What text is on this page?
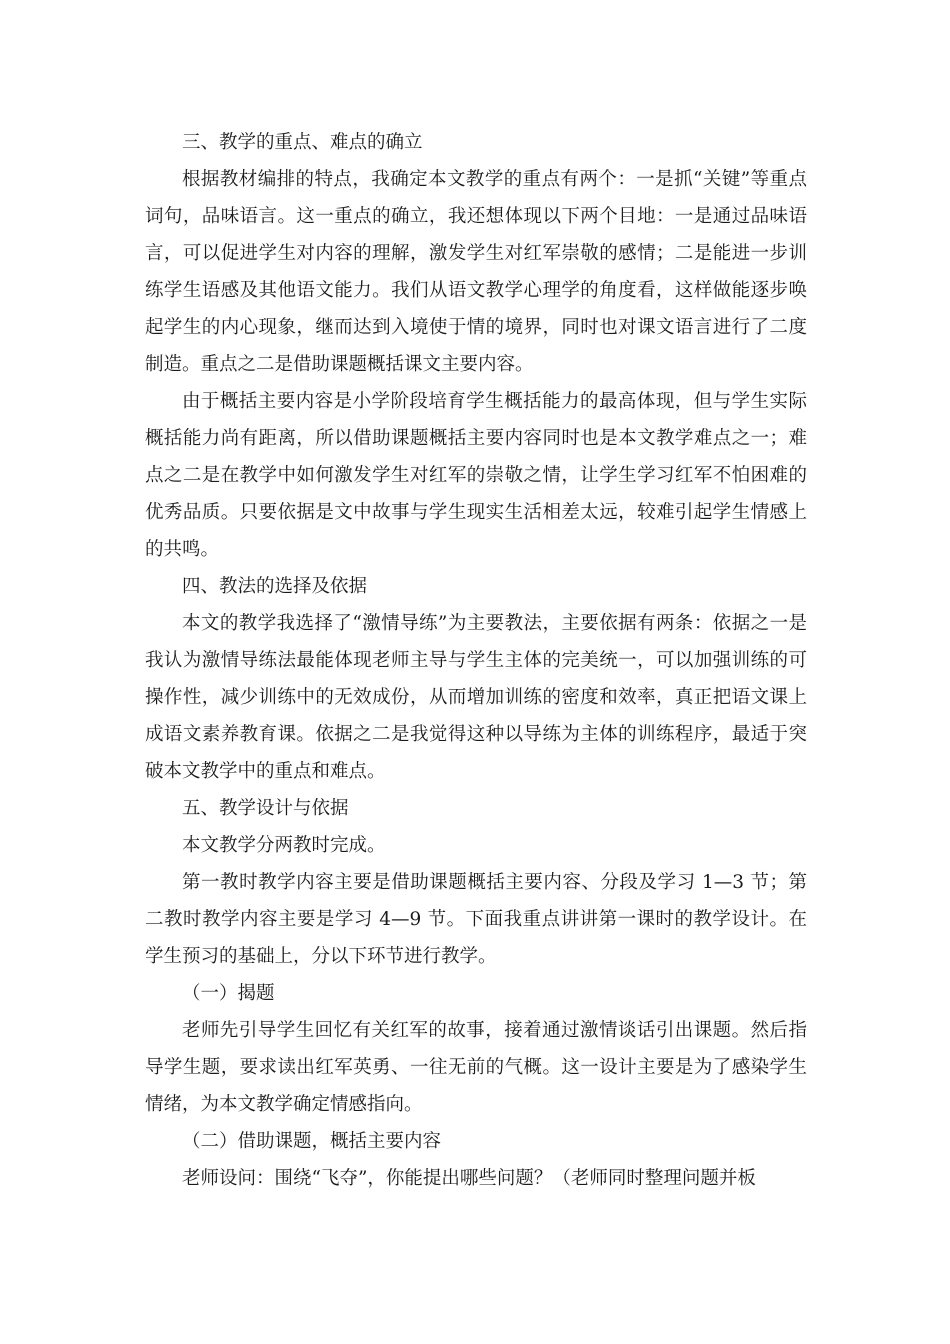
三、教学的重点、难点的确立

根据教材编排的特点，我确定本文教学的重点有两个：一是抓“关键”等重点词句，品味语言。这一重点的确立，我还想体现以下两个目地：一是通过品味语言，可以促进学生对内容的理解，激发学生对红军崇敬的感情；二是能进一步训练学生语感及其他语文能力。我们从语文教学心理学的角度看，这样做能逐步唤起学生的内心现象，继而达到入境使于情的境界，同时也对课文语言进行了二度制造。重点之二是借助课题概括课文主要内容。

由于概括主要内容是小学阶段培育学生概括能力的最高体现，但与学生实际概括能力尚有距离，所以借助课题概括主要内容同时也是本文教学难点之一；难点之二是在教学中如何激发学生对红军的崇敬之情，让学生学习红军不怕困难的优秀品质。只要依据是文中故事与学生现实生活相差太远，较难引起学生情感上的共鸣。

四、教法的选择及依据

本文的教学我选择了“激情导练”为主要教法，主要依据有两条：依据之一是我认为激情导练法最能体现老师主导与学生主体的完美统一，可以加强训练的可操作性，减少训练中的无效成份，从而增加训练的密度和效率，真正把语文课上成语文素养教育课。依据之二是我觉得这种以导练为主体的训练程序，最适于突破本文教学中的重点和难点。

五、教学设计与依据

本文教学分两教时完成。

第一教时教学内容主要是借助课题概括主要内容、分段及学习 1—3 节；第二教时教学内容主要是学习 4—9 节。下面我重点讲讲第一课时的教学设计。在学生预习的基础上，分以下环节进行教学。

（一）揭题

老师先引导学生回忆有关红军的故事，接着通过激情谈话引出课题。然后指导学生题，要求读出红军英勇、一往无前的气概。这一设计主要是为了感染学生情绪，为本文教学确定情感指向。

（二）借助课题，概括主要内容

老师设问：围绕“飞夺”，你能提出哪些问题？（老师同时整理问题并板
